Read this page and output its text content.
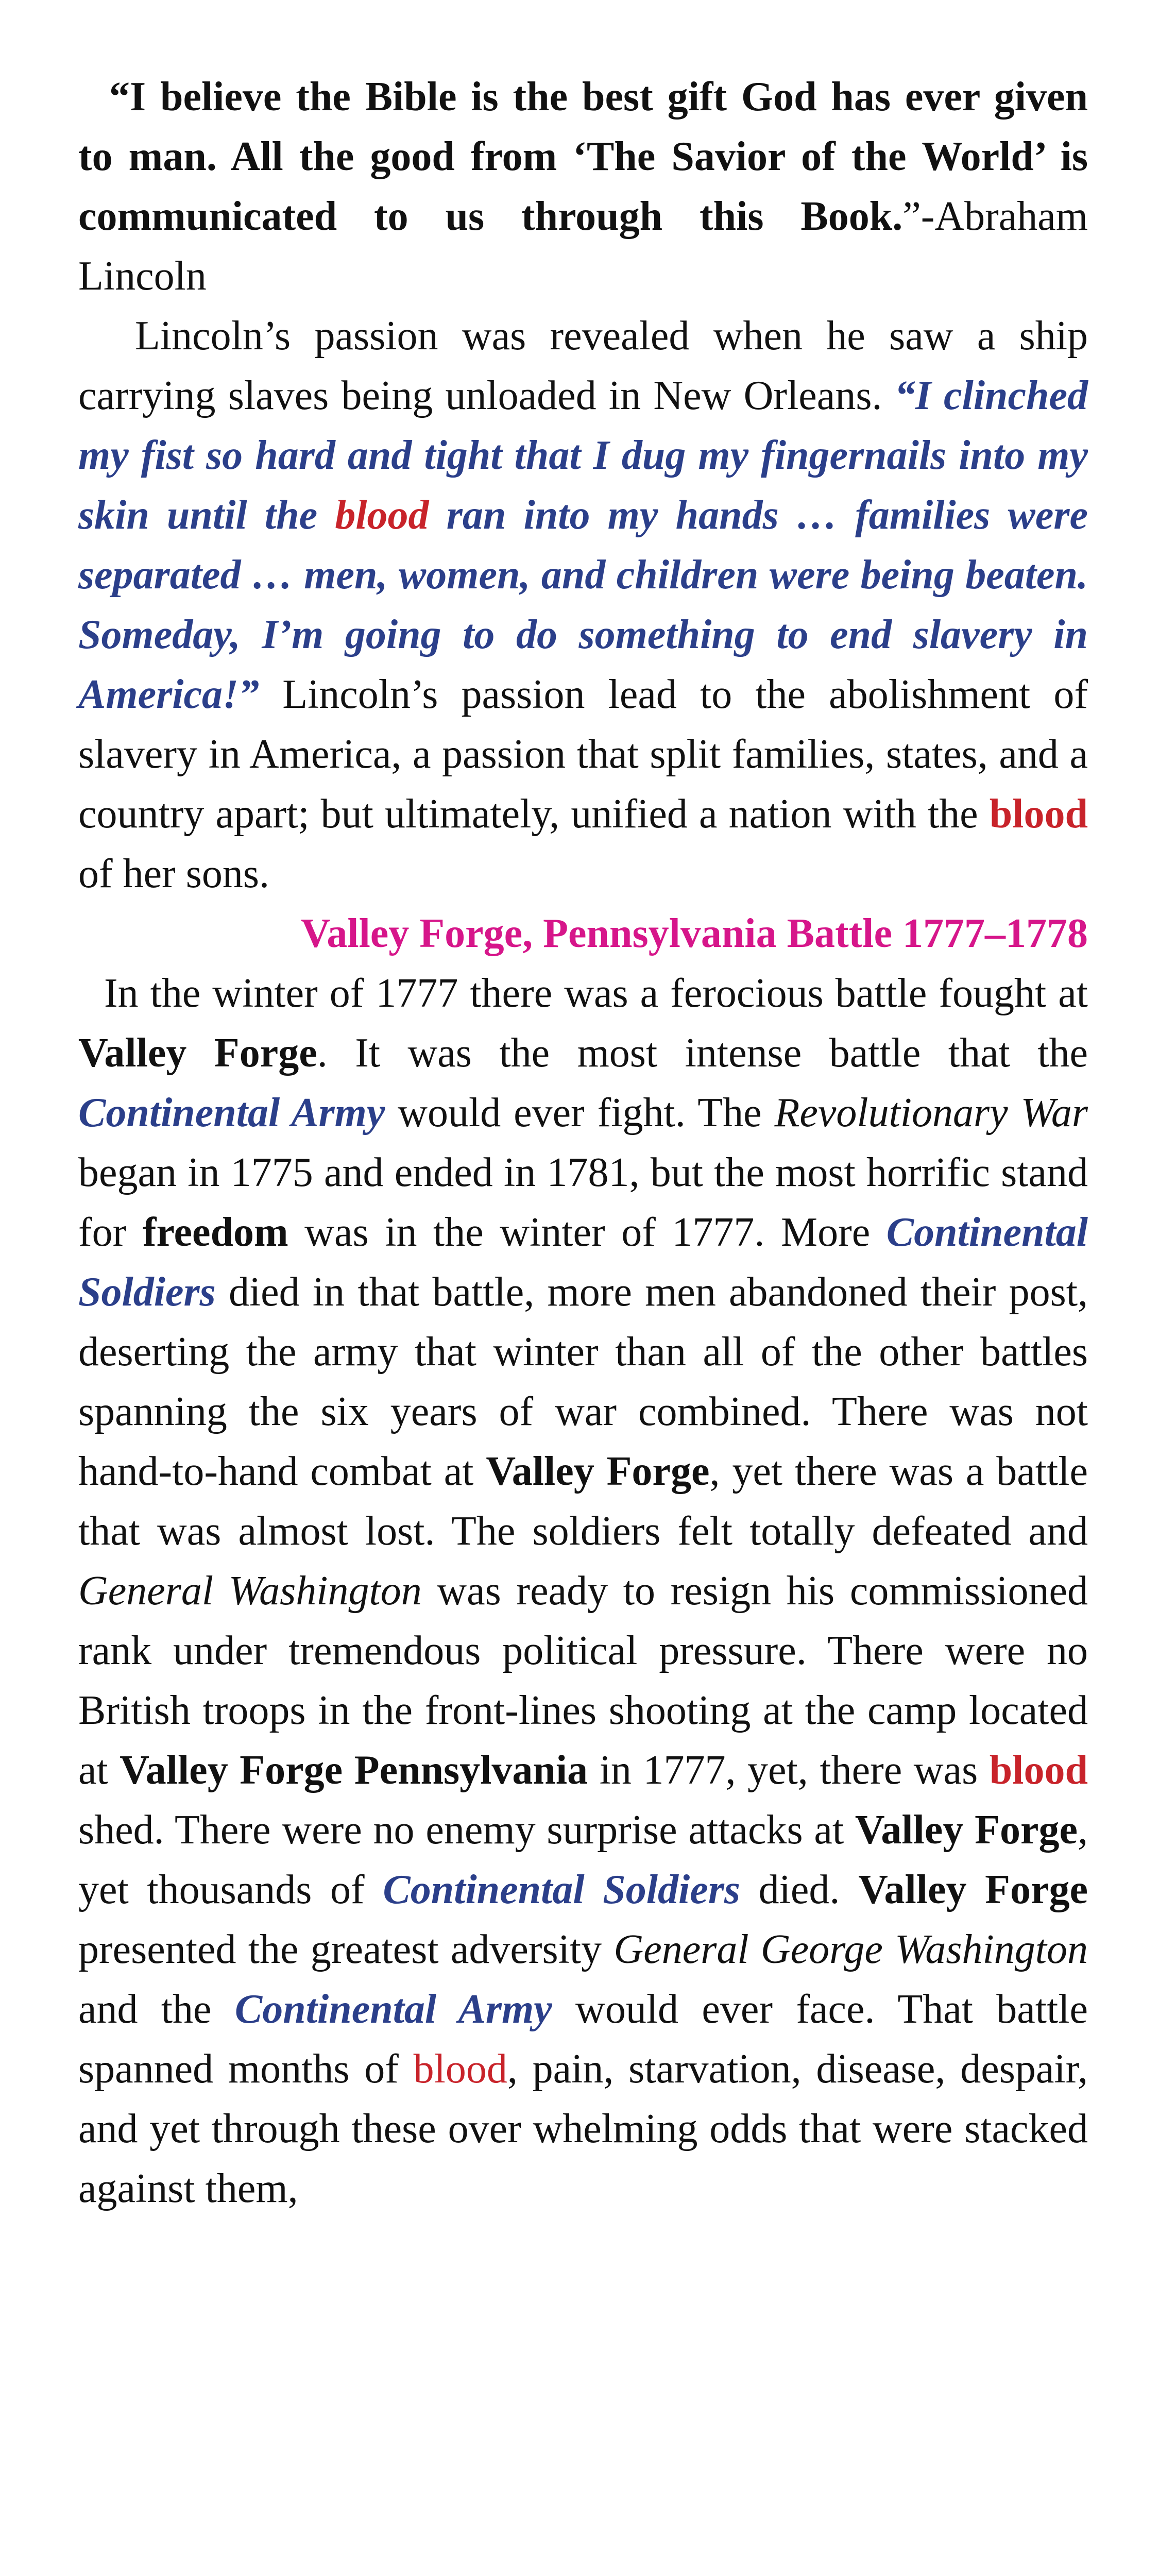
“I believe the Bible is the best gift God has ever given to man. All the good from ‘The Savior of the World’ is communicated to us through this Book.”-Abraham Lincoln

Lincoln’s passion was revealed when he saw a ship carrying slaves being unloaded in New Orleans. “I clinched my fist so hard and tight that I dug my fingernails into my skin until the blood ran into my hands … families were separated … men, women, and children were being beaten. Someday, I’m going to do something to end slavery in America!” Lincoln’s passion lead to the abolishment of slavery in America, a passion that split families, states, and a country apart; but ultimately, unified a nation with the blood of her sons.

Valley Forge, Pennsylvania Battle 1777–1778

In the winter of 1777 there was a ferocious battle fought at Valley Forge. It was the most intense battle that the Continental Army would ever fight. The Revolutionary War began in 1775 and ended in 1781, but the most horrific stand for freedom was in the winter of 1777. More Continental Soldiers died in that battle, more men abandoned their post, deserting the army that winter than all of the other battles spanning the six years of war combined. There was not hand-to-hand combat at Valley Forge, yet there was a battle that was almost lost. The soldiers felt totally defeated and General Washington was ready to resign his commissioned rank under tremendous political pressure. There were no British troops in the front-lines shooting at the camp located at Valley Forge Pennsylvania in 1777, yet, there was blood shed. There were no enemy surprise attacks at Valley Forge, yet thousands of Continental Soldiers died. Valley Forge presented the greatest adversity General George Washington and the Continental Army would ever face. That battle spanned months of blood, pain, starvation, disease, despair, and yet through these over whelming odds that were stacked against them,
